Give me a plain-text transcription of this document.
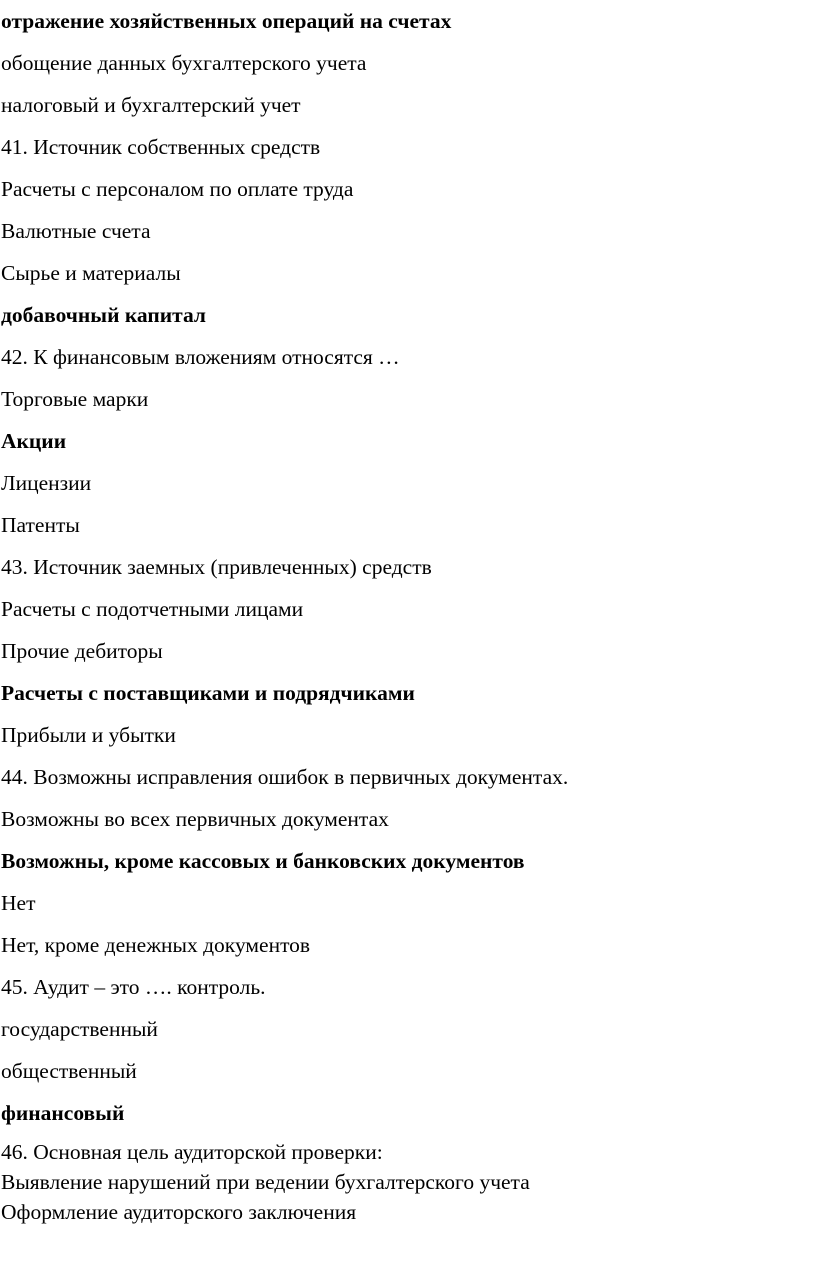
отражение хозяйственных операций на счетах

обощение данных бухгалтерского учета

налоговый и бухгалтерский учет

41. Источник собственных средств

Расчеты с персоналом по оплате труда

Валютные счета

Сырье и материалы

добавочный капитал

42. К финансовым вложениям относятся …

Торговые марки

Акции

Лицензии

Патенты

43. Источник заемных (привлеченных) средств

Расчеты с подотчетными лицами

Прочие дебиторы

Расчеты с поставщиками и подрядчиками

Прибыли и убытки

44. Возможны исправления ошибок в первичных документах.

Возможны во всех первичных документах

Возможны, кроме кассовых и банковских документов

Нет

Нет, кроме денежных документов

45. Аудит – это …. контроль.

государственный

общественный

финансовый

46. Основная цель аудиторской проверки:

Выявление нарушений при ведении бухгалтерского учета

Оформление аудиторского заключения
